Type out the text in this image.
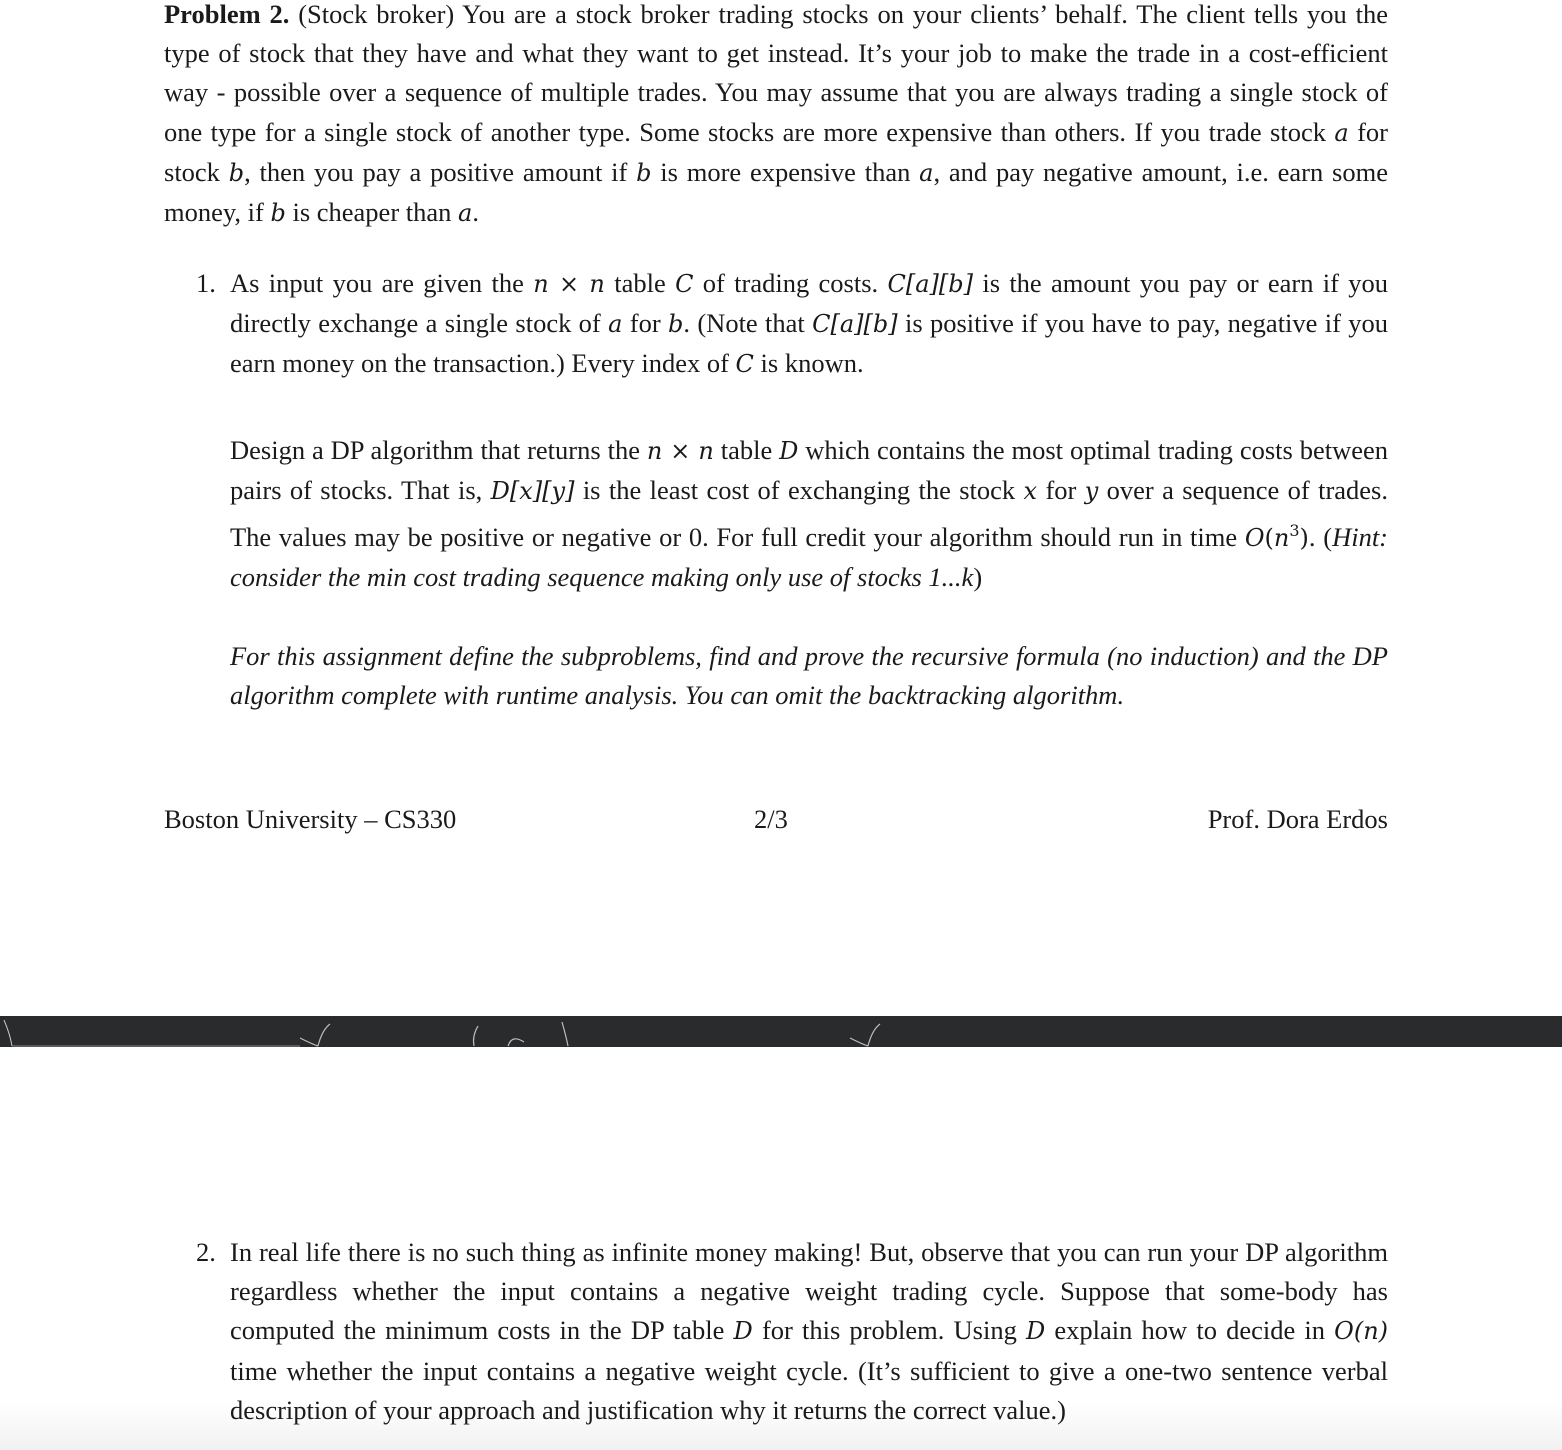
Problem 2. (Stock broker) You are a stock broker trading stocks on your clients’ behalf. The client tells you the type of stock that they have and what they want to get instead. It’s your job to make the trade in a cost-efficient way - possible over a sequence of multiple trades. You may assume that you are always trading a single stock of one type for a single stock of another type. Some stocks are more expensive than others. If you trade stock a for stock b, then you pay a positive amount if b is more expensive than a, and pay negative amount, i.e. earn some money, if b is cheaper than a.

1. As input you are given the n × n table C of trading costs. C[a][b] is the amount you pay or earn if you directly exchange a single stock of a for b. (Note that C[a][b] is positive if you have to pay, negative if you earn money on the transaction.) Every index of C is known.

Design a DP algorithm that returns the n × n table D which contains the most optimal trading costs between pairs of stocks. That is, D[x][y] is the least cost of exchanging the stock x for y over a sequence of trades. The values may be positive or negative or 0. For full credit your algorithm should run in time $O(n^3)$. (Hint: consider the min cost trading sequence making only use of stocks 1...k)

For this assignment define the subproblems, find and prove the recursive formula (no induction) and the DP algorithm complete with runtime analysis. You can omit the backtracking algorithm.

Boston University – CS330	2/3	Prof. Dora Erdos
2. In real life there is no such thing as infinite money making! But, observe that you can run your DP algorithm regardless whether the input contains a negative weight trading cycle. Suppose that some-body has computed the minimum costs in the DP table D for this problem. Using D explain how to decide in O(n) time whether the input contains a negative weight cycle. (It’s sufficient to give a one-two sentence verbal description of your approach and justification why it returns the correct value.)
